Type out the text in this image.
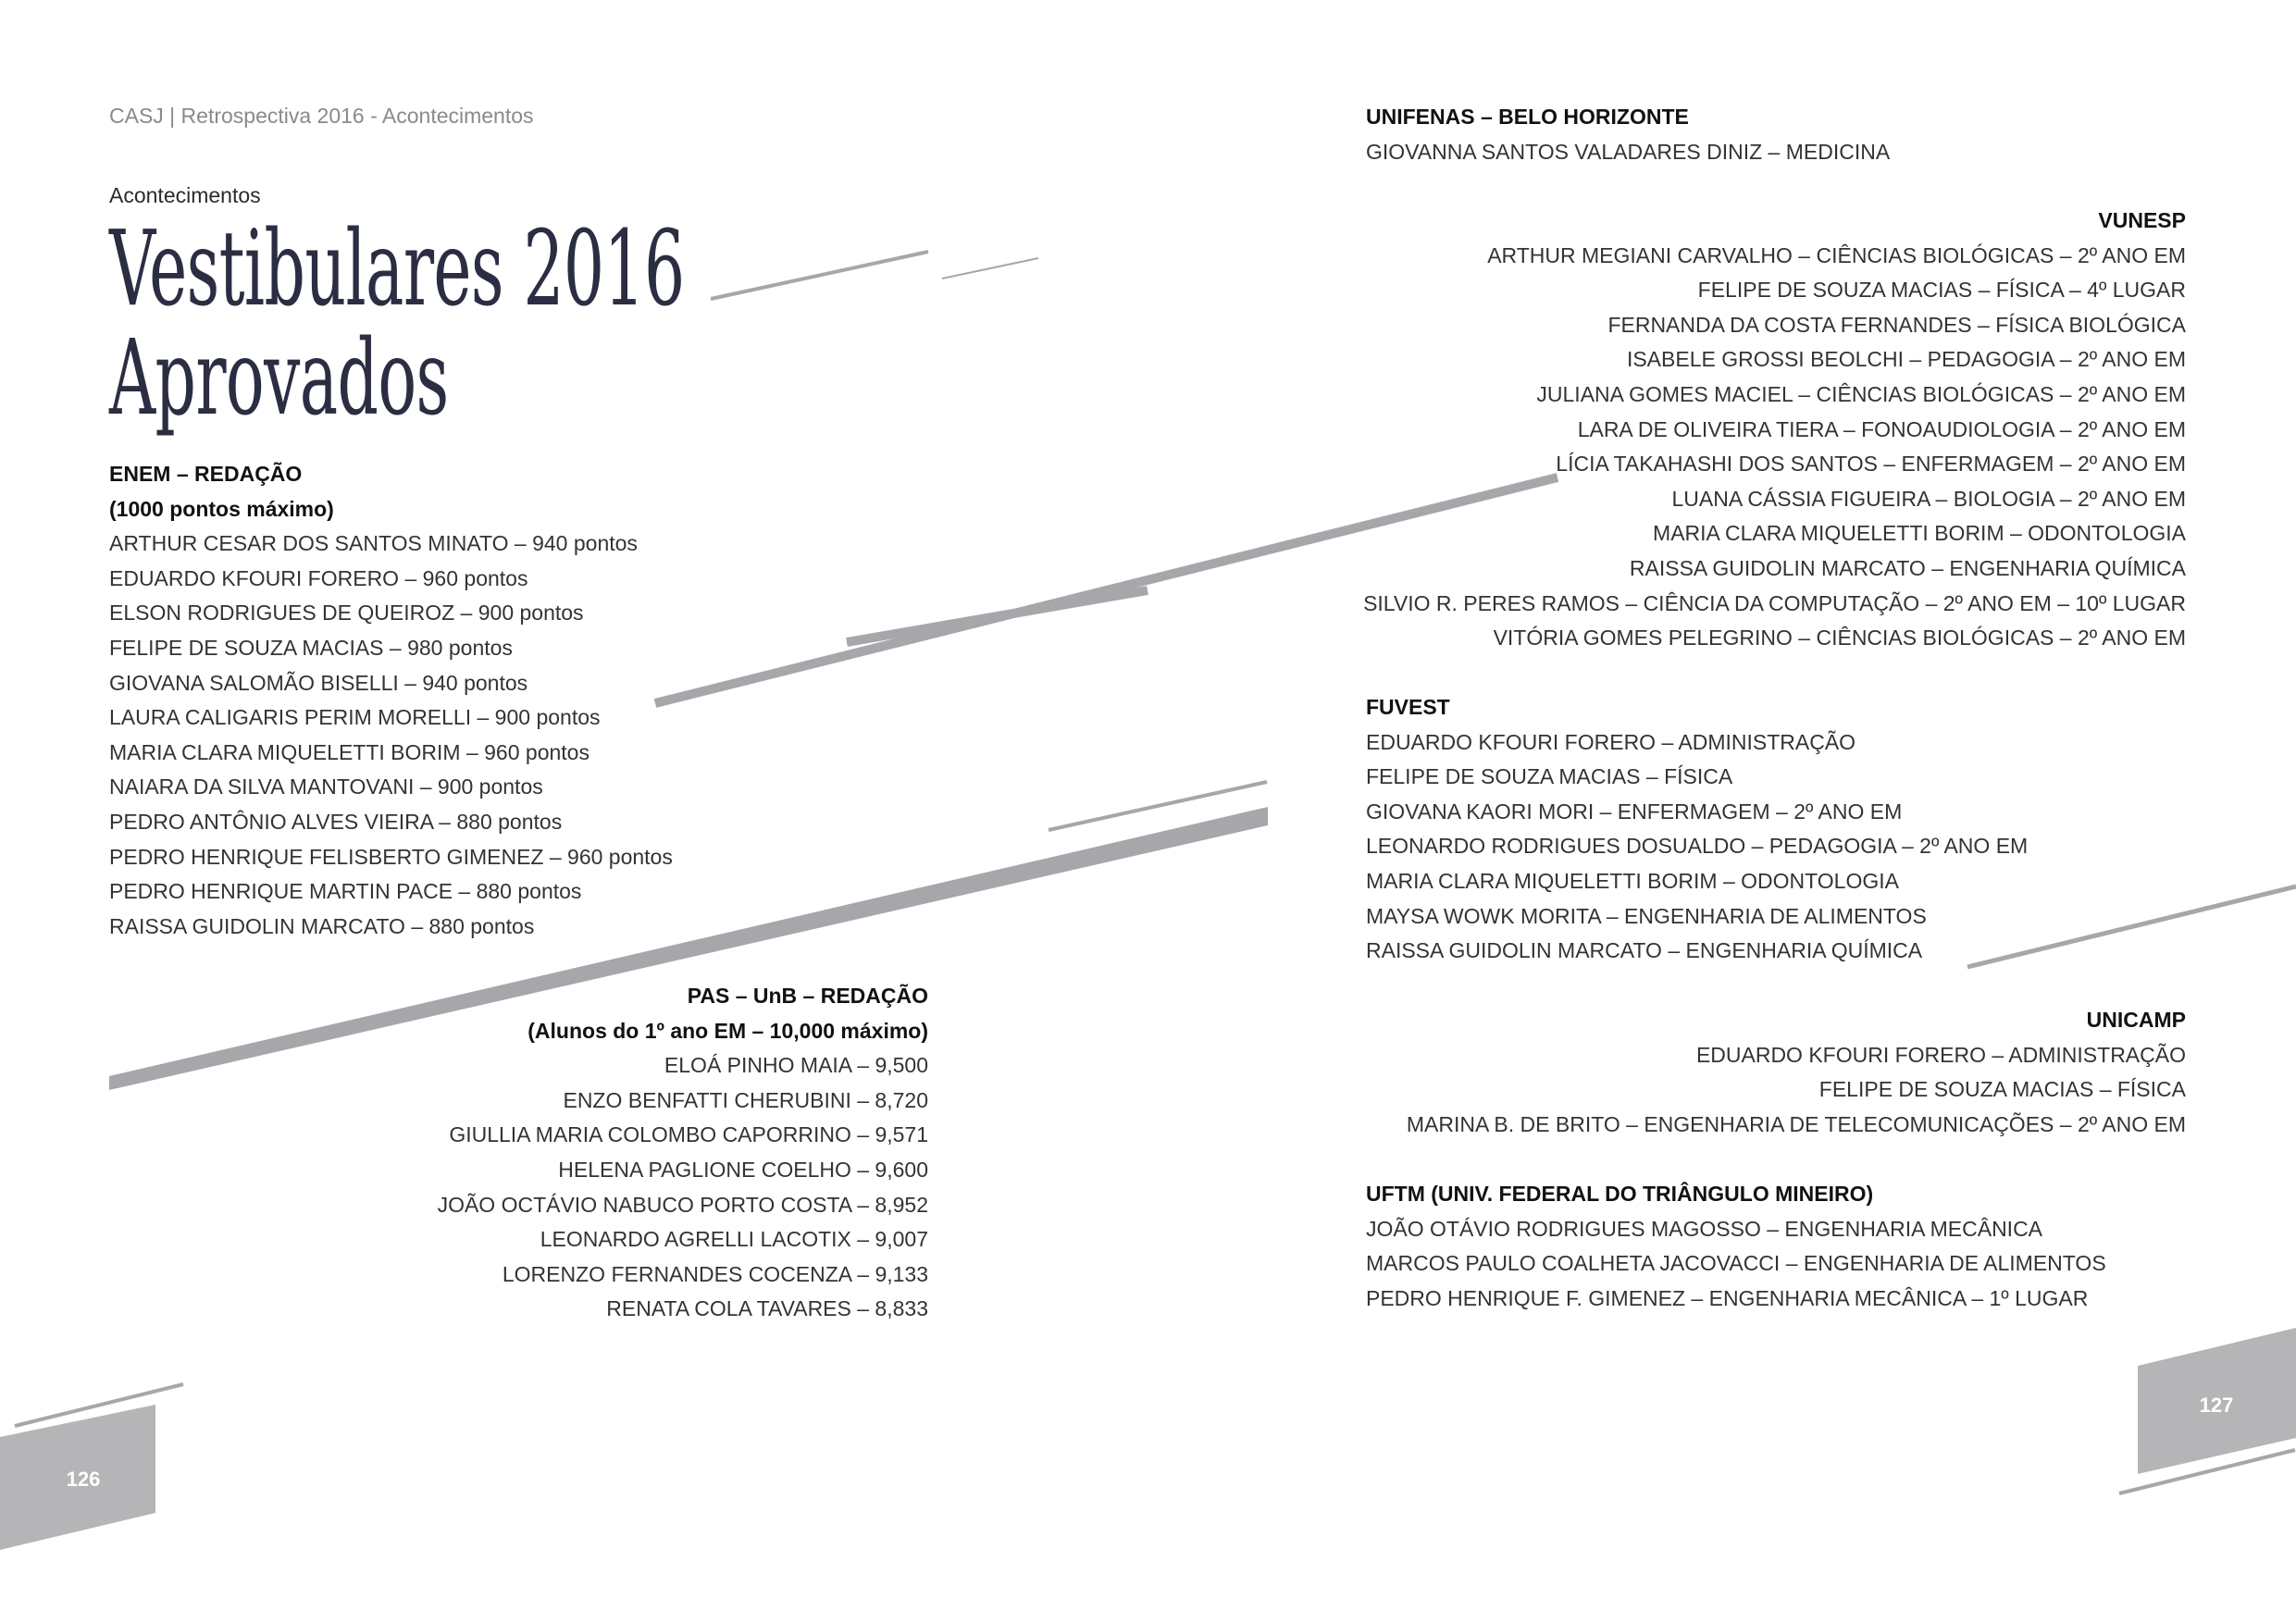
CASJ | Retrospectiva 2016 - Acontecimentos
Acontecimentos
Vestibulares 2016
Aprovados
ENEM – REDAÇÃO
(1000 pontos máximo)
ARTHUR CESAR DOS SANTOS MINATO – 940 pontos
EDUARDO KFOURI FORERO – 960 pontos
ELSON RODRIGUES DE QUEIROZ – 900 pontos
FELIPE DE SOUZA MACIAS – 980 pontos
GIOVANA SALOMÃO BISELLI – 940 pontos
LAURA CALIGARIS PERIM MORELLI – 900 pontos
MARIA CLARA MIQUELETTI BORIM – 960 pontos
NAIARA DA SILVA MANTOVANI – 900 pontos
PEDRO ANTÔNIO ALVES VIEIRA – 880 pontos
PEDRO HENRIQUE FELISBERTO GIMENEZ – 960 pontos
PEDRO HENRIQUE MARTIN PACE – 880 pontos
RAISSA GUIDOLIN MARCATO – 880 pontos
PAS – UnB – REDAÇÃO
(Alunos do 1º ano EM – 10,000 máximo)
ELOÁ PINHO MAIA – 9,500
ENZO BENFATTI CHERUBINI – 8,720
GIULLIA MARIA COLOMBO CAPORRINO – 9,571
HELENA PAGLIONE COELHO – 9,600
JOÃO OCTÁVIO NABUCO PORTO COSTA – 8,952
LEONARDO AGRELLI LACOTIX – 9,007
LORENZO FERNANDES COCENZA – 9,133
RENATA COLA TAVARES – 8,833
UNIFENAS – BELO HORIZONTE
GIOVANNA SANTOS VALADARES DINIZ – MEDICINA
VUNESP
ARTHUR MEGIANI CARVALHO – CIÊNCIAS BIOLÓGICAS – 2º ANO EM
FELIPE DE SOUZA MACIAS – FÍSICA – 4º LUGAR
FERNANDA DA COSTA FERNANDES – FÍSICA BIOLÓGICA
ISABELE GROSSI BEOLCHI – PEDAGOGIA – 2º ANO EM
JULIANA GOMES MACIEL – CIÊNCIAS BIOLÓGICAS – 2º ANO EM
LARA DE OLIVEIRA TIERA – FONOAUDIOLOGIA – 2º ANO EM
LÍCIA TAKAHASHI DOS SANTOS – ENFERMAGEM – 2º ANO EM
LUANA CÁSSIA FIGUEIRA – BIOLOGIA – 2º ANO EM
MARIA CLARA MIQUELETTI BORIM – ODONTOLOGIA
RAISSA GUIDOLIN MARCATO – ENGENHARIA QUÍMICA
SILVIO R. PERES RAMOS – CIÊNCIA DA COMPUTAÇÃO – 2º ANO EM – 10º LUGAR
VITÓRIA GOMES PELEGRINO – CIÊNCIAS BIOLÓGICAS – 2º ANO EM
FUVEST
EDUARDO KFOURI FORERO – ADMINISTRAÇÃO
FELIPE DE SOUZA MACIAS – FÍSICA
GIOVANA KAORI MORI – ENFERMAGEM – 2º ANO EM
LEONARDO RODRIGUES DOSUALDO – PEDAGOGIA – 2º ANO EM
MARIA CLARA MIQUELETTI BORIM – ODONTOLOGIA
MAYSA WOWK MORITA – ENGENHARIA DE ALIMENTOS
RAISSA GUIDOLIN MARCATO – ENGENHARIA QUÍMICA
UNICAMP
EDUARDO KFOURI FORERO – ADMINISTRAÇÃO
FELIPE DE SOUZA MACIAS – FÍSICA
MARINA B. DE BRITO – ENGENHARIA DE TELECOMUNICAÇÕES – 2º ANO EM
UFTM (UNIV. FEDERAL DO TRIÂNGULO MINEIRO)
JOÃO OTÁVIO RODRIGUES MAGOSSO – ENGENHARIA MECÂNICA
MARCOS PAULO COALHETA JACOVACCI – ENGENHARIA DE ALIMENTOS
PEDRO HENRIQUE F. GIMENEZ – ENGENHARIA MECÂNICA – 1º LUGAR
126
127
